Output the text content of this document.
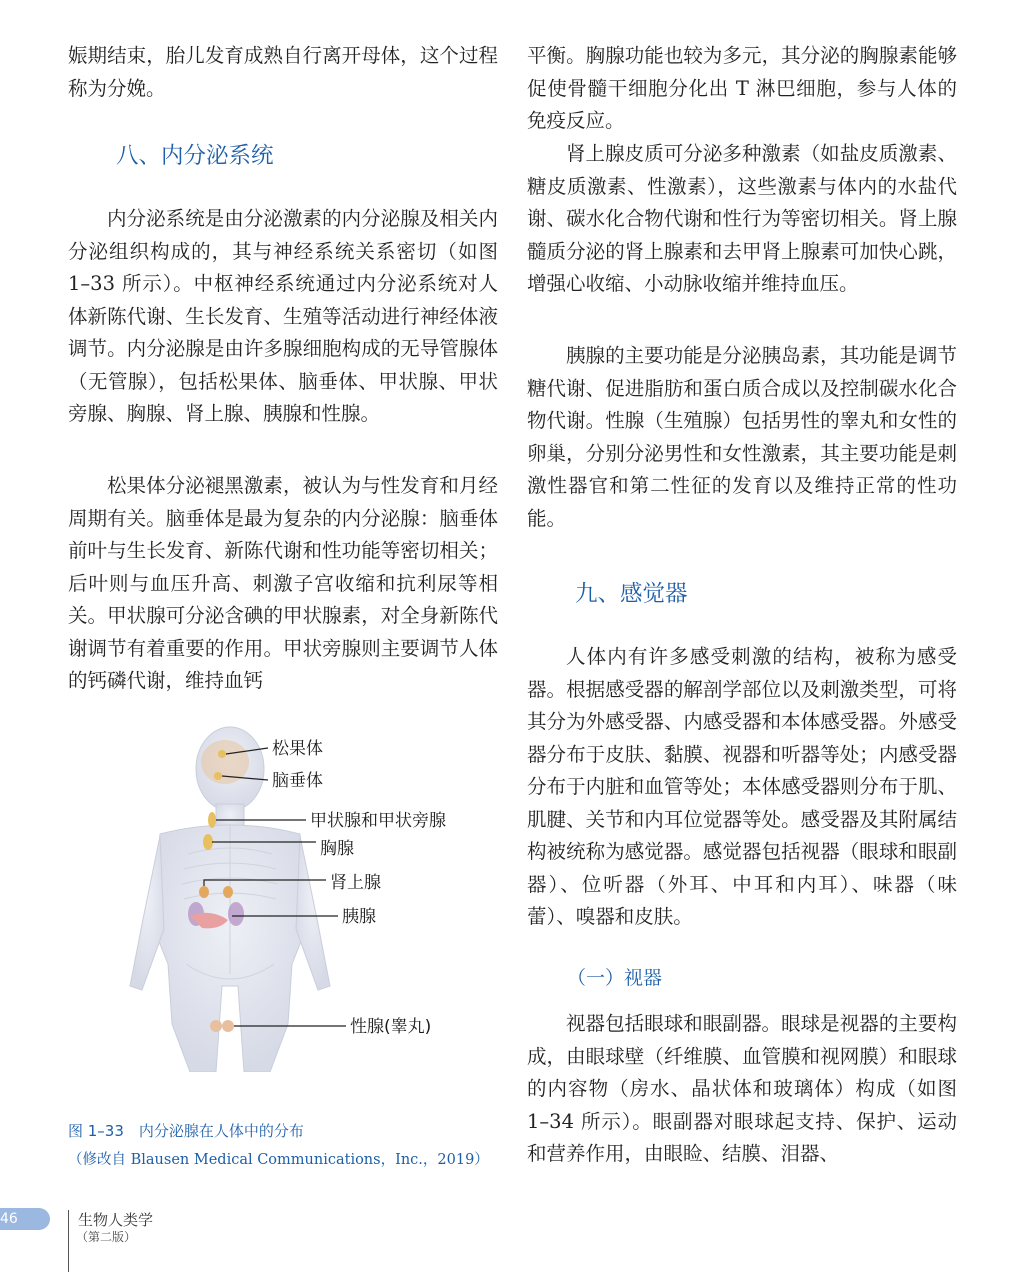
娠期结束，胎儿发育成熟自行离开母体，这个过程称为分娩。

八、内分泌系统

内分泌系统是由分泌激素的内分泌腺及相关内分泌组织构成的，其与神经系统关系密切（如图 1–33 所示）。中枢神经系统通过内分泌系统对人体新陈代谢、生长发育、生殖等活动进行神经体液调节。内分泌腺是由许多腺细胞构成的无导管腺体（无管腺），包括松果体、脑垂体、甲状腺、甲状旁腺、胸腺、肾上腺、胰腺和性腺。

松果体分泌褪黑激素，被认为与性发育和月经周期有关。脑垂体是最为复杂的内分泌腺：脑垂体前叶与生长发育、新陈代谢和性功能等密切相关；后叶则与血压升高、刺激子宫收缩和抗利尿等相关。甲状腺可分泌含碘的甲状腺素，对全身新陈代谢调节有着重要的作用。甲状旁腺则主要调节人体的钙磷代谢，维持血钙

松果体
脑垂体
甲状腺和甲状旁腺
胸腺
肾上腺
胰腺
性腺(睾丸)

图 1–33　内分泌腺在人体中的分布

（修改自 Blausen Medical Communications，Inc.，2019）

平衡。胸腺功能也较为多元，其分泌的胸腺素能够促使骨髓干细胞分化出 T 淋巴细胞，参与人体的免疫反应。

肾上腺皮质可分泌多种激素（如盐皮质激素、糖皮质激素、性激素），这些激素与体内的水盐代谢、碳水化合物代谢和性行为等密切相关。肾上腺髓质分泌的肾上腺素和去甲肾上腺素可加快心跳，增强心收缩、小动脉收缩并维持血压。

胰腺的主要功能是分泌胰岛素，其功能是调节糖代谢、促进脂肪和蛋白质合成以及控制碳水化合物代谢。性腺（生殖腺）包括男性的睾丸和女性的卵巢，分别分泌男性和女性激素，其主要功能是刺激性器官和第二性征的发育以及维持正常的性功能。

九、感觉器

人体内有许多感受刺激的结构，被称为感受器。根据感受器的解剖学部位以及刺激类型，可将其分为外感受器、内感受器和本体感受器。外感受器分布于皮肤、黏膜、视器和听器等处；内感受器分布于内脏和血管等处；本体感受器则分布于肌、肌腱、关节和内耳位觉器等处。感受器及其附属结构被统称为感觉器。感觉器包括视器（眼球和眼副器）、位听器（外耳、中耳和内耳）、味器（味蕾）、嗅器和皮肤。

（一）视器

视器包括眼球和眼副器。眼球是视器的主要构成，由眼球壁（纤维膜、血管膜和视网膜）和眼球的内容物（房水、晶状体和玻璃体）构成（如图 1–34 所示）。眼副器对眼球起支持、保护、运动和营养作用，由眼睑、结膜、泪器、

46	生物人类学
（第二版）
